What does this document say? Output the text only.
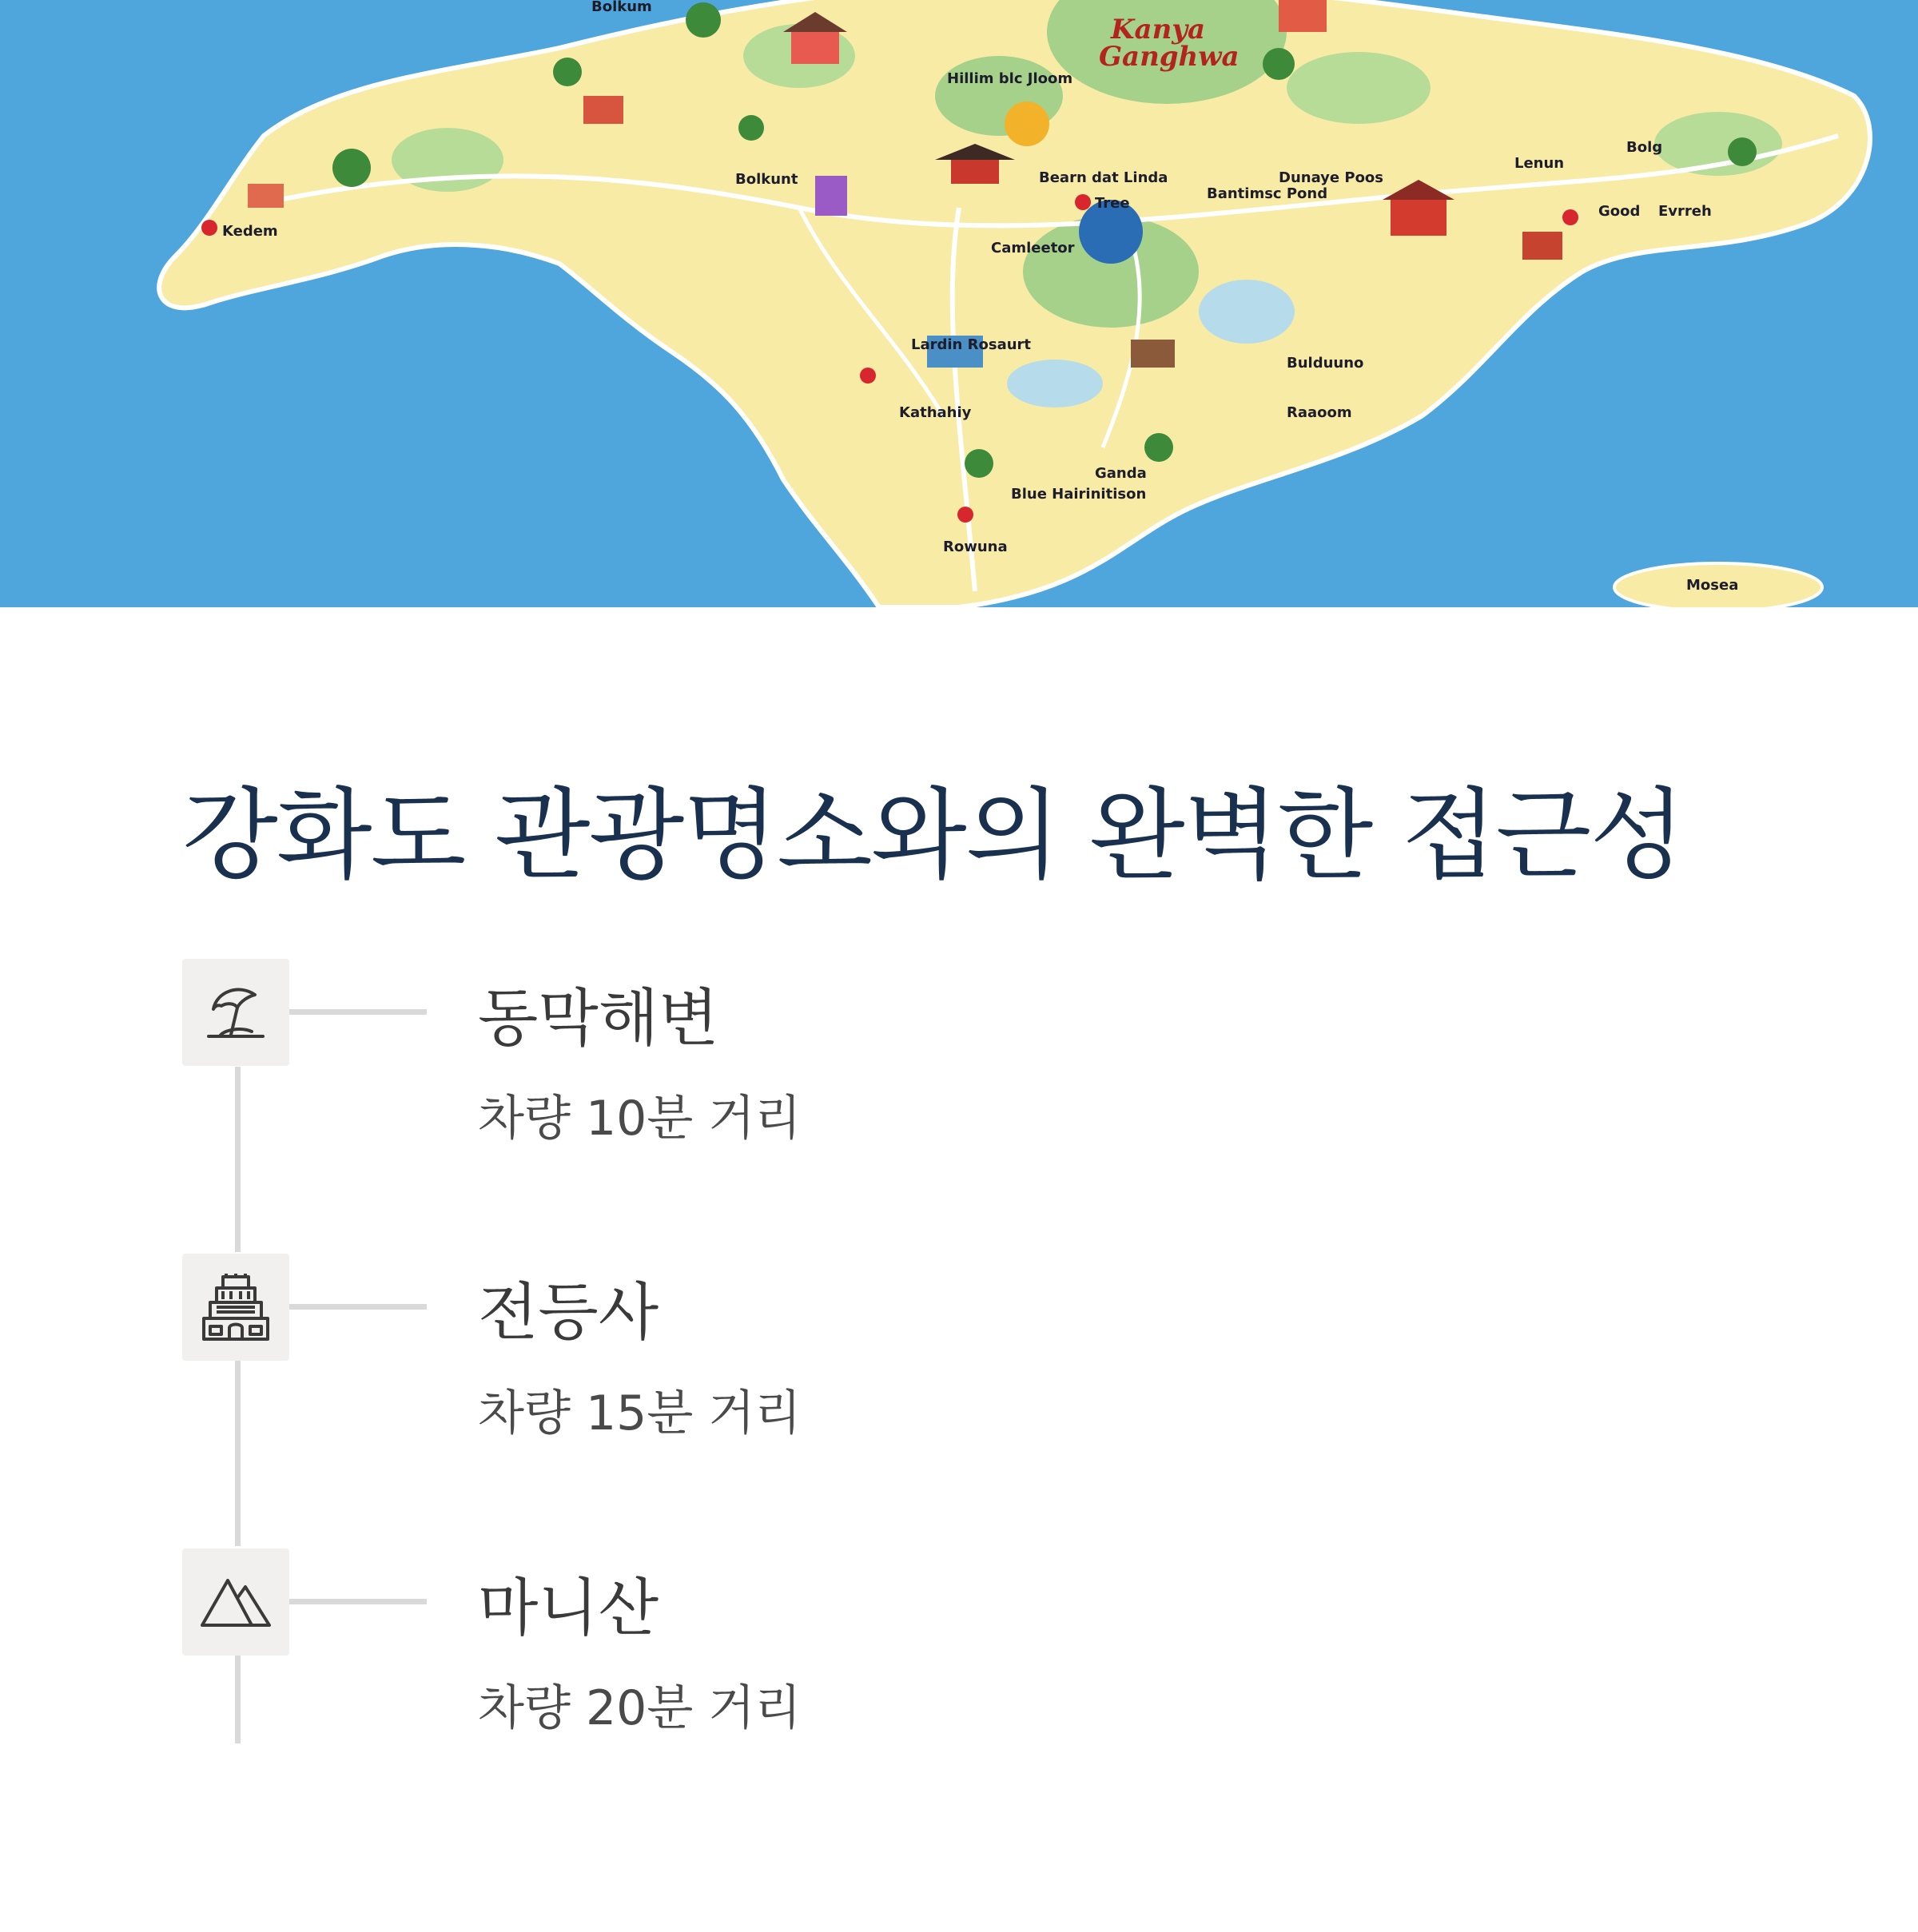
Kanya
Ganghwa
Bolkum
Hillim blc Jloom
Bearn dat Linda
Tree
Bantimsc Pond
Dunaye Poos
Kedem
Bolkunt
Kathahiy
Lardin Rosaurt
Ganda
Blue Hairinitison
Bulduuno
Raaoom
Good Evrreh
Mosea
Lenun
Bolg
Camleetor
Rowuna
강화도 관광명소와의 완벽한 접근성
동막해변
차량 10분 거리
전등사
차량 15분 거리
마니산
차량 20분 거리
